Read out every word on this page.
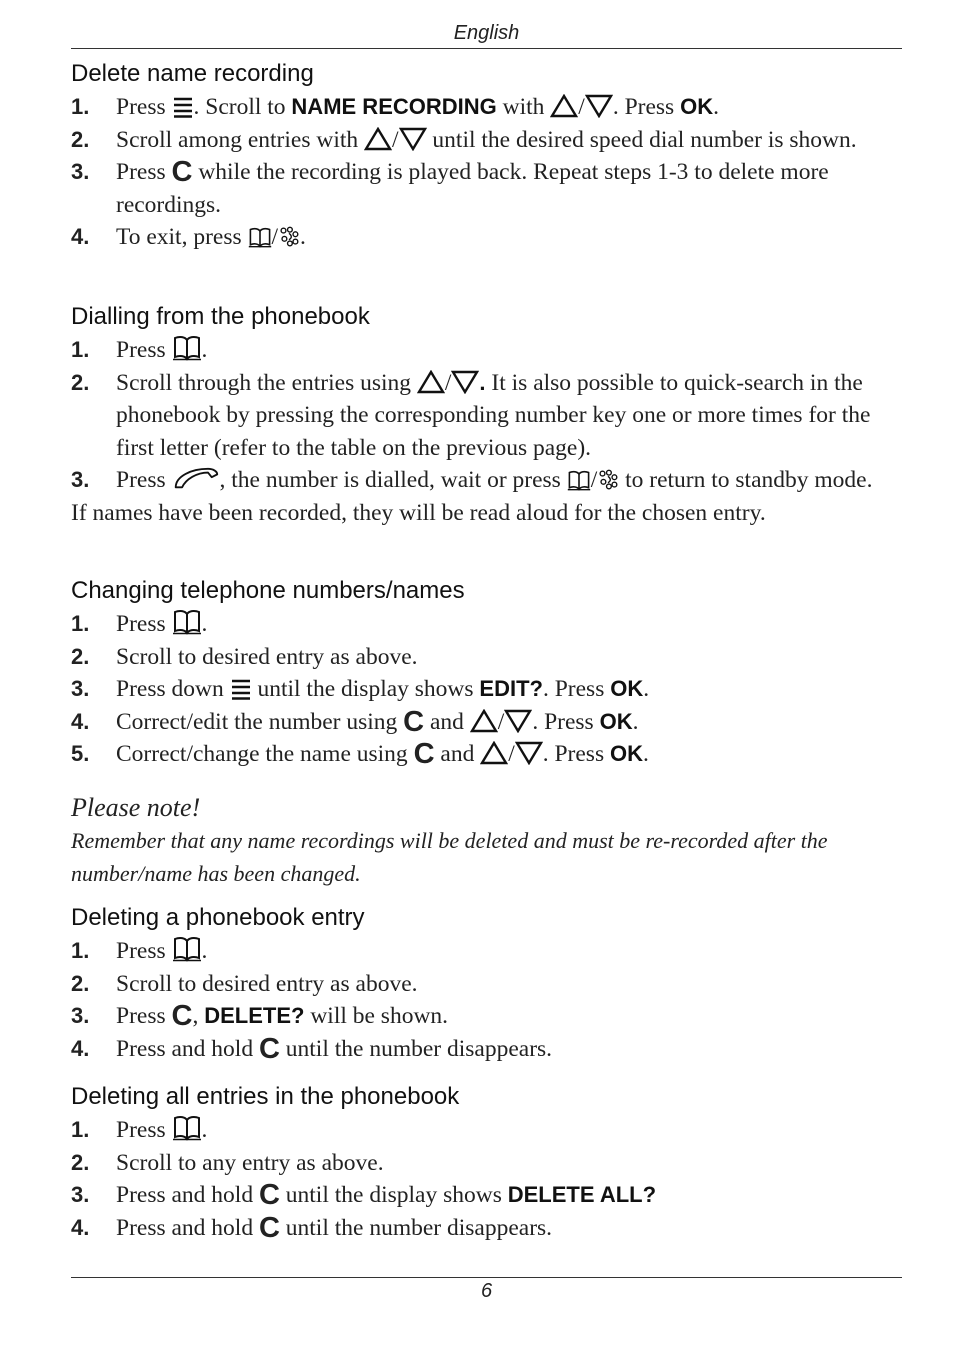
English
Delete name recording
1. Press
. Scroll to NAME RECORDING with
/ . Press OK.
2. Scroll among entries with
/
until the desired speed dial number is shown.
3. Press C while the recording is played back. Repeat steps 1-3 to delete more recordings.
4. To exit, press
/ .
Dialling from the phonebook
1. Press
.
2. Scroll through the entries using
/ . It is also possible to quick-search in the phonebook by pressing the corresponding number key one or more times for the first letter (refer to the table on the previous page).
3. Press
, the number is dialled, wait or press
/
to return to standby mode.
If names have been recorded, they will be read aloud for the chosen entry.
Changing telephone numbers/names
1. Press
.
2. Scroll to desired entry as above.
3. Press down
until the display shows EDIT?. Press OK.
4. Correct/edit the number using C and
/ . Press OK.
5. Correct/change the name using C and
/ . Press OK.
Please note!
Remember that any name recordings will be deleted and must be re-recorded after the number/name has been changed.
Deleting a phonebook entry
1. Press
.
2. Scroll to desired entry as above.
3. Press C, DELETE? will be shown.
4. Press and hold C until the number disappears.
Deleting all entries in the phonebook
1. Press
.
2. Scroll to any entry as above.
3. Press and hold C until the display shows DELETE ALL?
4. Press and hold C until the number disappears.
6
